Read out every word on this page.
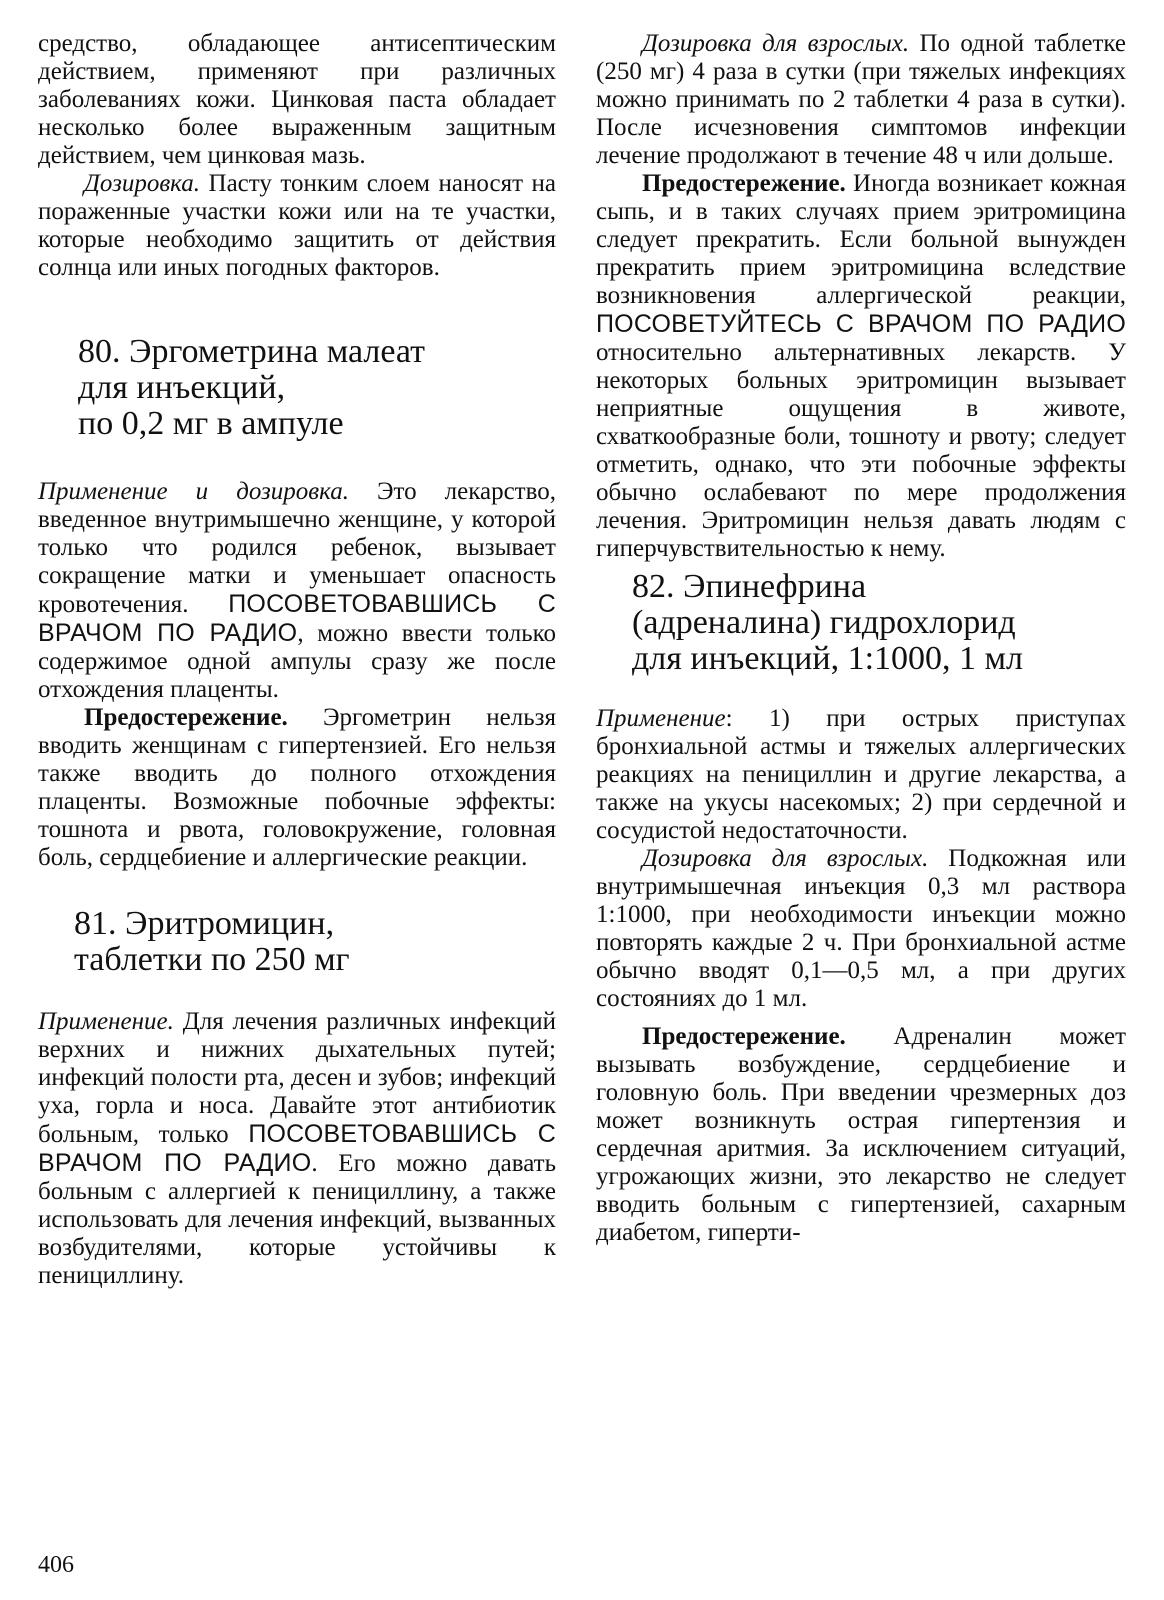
средство, обладающее антисептическим действием, применяют при различных заболеваниях кожи. Цинковая паста обладает несколько более выраженным защитным действием, чем цинковая мазь.

Дозировка. Пасту тонким слоем наносят на пораженные участки кожи или на те участки, которые необходимо защитить от действия солнца или иных погодных факторов.

80. Эргометрина малеат
для инъекций,
по 0,2 мг в ампуле

Применение и дозировка. Это лекарство, введенное внутримышечно женщине, у которой только что родился ребенок, вызывает сокращение матки и уменьшает опасность кровотечения. ПОСОВЕТОВАВШИСЬ С ВРАЧОМ ПО РАДИО, можно ввести только содержимое одной ампулы сразу же после отхождения плаценты.

Предостережение. Эргометрин нельзя вводить женщинам с гипертензией. Его нельзя также вводить до полного отхождения плаценты. Возможные побочные эффекты: тошнота и рвота, головокружение, головная боль, сердцебиение и аллергические реакции.

81. Эритромицин,
таблетки по 250 мг

Применение. Для лечения различных инфекций верхних и нижних дыхательных путей; инфекций полости рта, десен и зубов; инфекций уха, горла и носа. Давайте этот антибиотик больным, только ПОСОВЕТОВАВШИСЬ С ВРАЧОМ ПО РАДИО. Его можно давать больным с аллергией к пенициллину, а также использовать для лечения инфекций, вызванных возбудителями, которые устойчивы к пенициллину.

Дозировка для взрослых. По одной таблетке (250 мг) 4 раза в сутки (при тяжелых инфекциях можно принимать по 2 таблетки 4 раза в сутки). После исчезновения симптомов инфекции лечение продолжают в течение 48 ч или дольше.

Предостережение. Иногда возникает кожная сыпь, и в таких случаях прием эритромицина следует прекратить. Если больной вынужден прекратить прием эритромицина вследствие возникновения аллергической реакции, ПОСОВЕТУЙТЕСЬ С ВРАЧОМ ПО РАДИО относительно альтернативных лекарств. У некоторых больных эритромицин вызывает неприятные ощущения в животе, схваткообразные боли, тошноту и рвоту; следует отметить, однако, что эти побочные эффекты обычно ослабевают по мере продолжения лечения. Эритромицин нельзя давать людям с гиперчувствительностью к нему.

82. Эпинефрина
(адреналина) гидрохлорид
для инъекций, 1:1000, 1 мл

Применение: 1) при острых приступах бронхиальной астмы и тяжелых аллергических реакциях на пенициллин и другие лекарства, а также на укусы насекомых; 2) при сердечной и сосудистой недостаточности.

Дозировка для взрослых. Подкожная или внутримышечная инъекция 0,3 мл раствора 1:1000, при необходимости инъекции можно повторять каждые 2 ч. При бронхиальной астме обычно вводят 0,1—0,5 мл, а при других состояниях до 1 мл.

Предостережение. Адреналин может вызывать возбуждение, сердцебиение и головную боль. При введении чрезмерных доз может возникнуть острая гипертензия и сердечная аритмия. За исключением ситуаций, угрожающих жизни, это лекарство не следует вводить больным с гипертензией, сахарным диабетом, гиперти-

406
